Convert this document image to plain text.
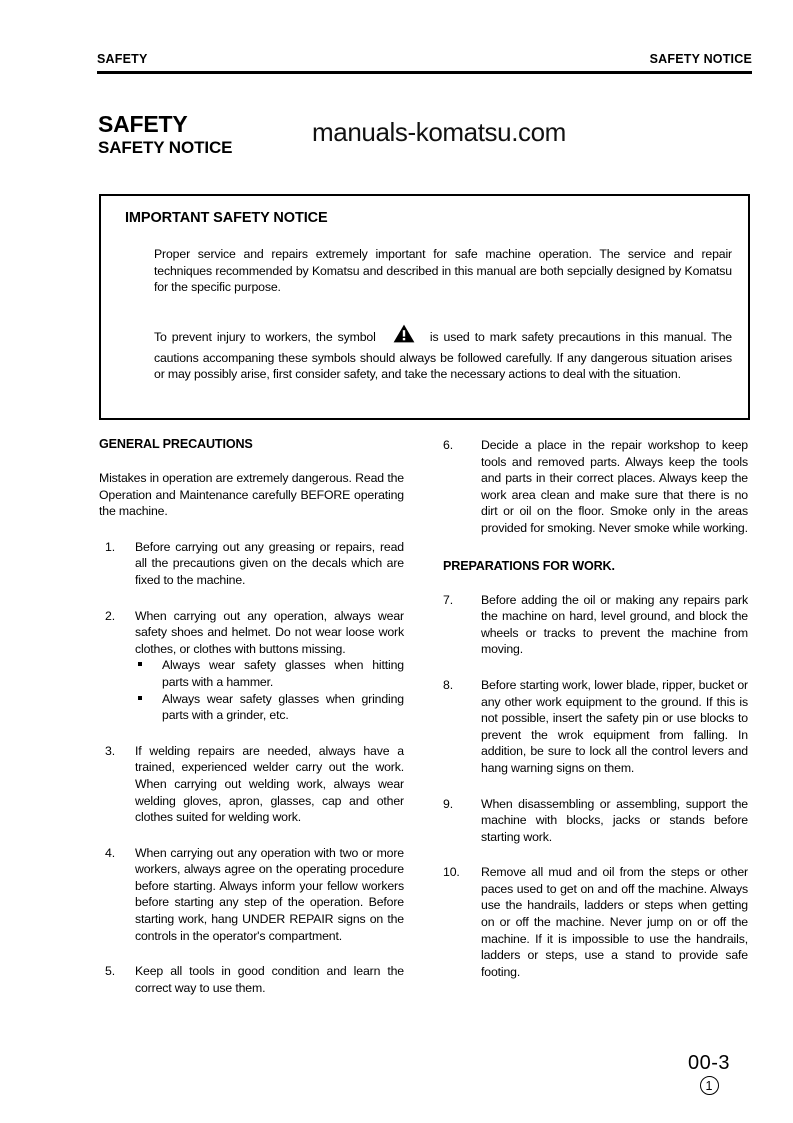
SAFETY	SAFETY NOTICE
SAFETY
SAFETY NOTICE
manuals-komatsu.com
IMPORTANT SAFETY NOTICE
Proper service and repairs extremely important for safe machine operation. The service and repair techniques recommended by Komatsu and described in this manual are both sepcially designed by Komatsu for the specific purpose.
To prevent injury to workers, the symbol	is used to mark safety precautions in this manual. The cautions accompaning these symbols should always be followed carefully. If any dangerous situation arises or may possibly arise, first consider safety, and take the necessary actions to deal with the situation.
GENERAL PRECAUTIONS

Mistakes in operation are extremely dangerous. Read the Operation and Maintenance carefully BEFORE operating the machine.

1.	Before carrying out any greasing or repairs, read all the precautions given on the decals which are fixed to the machine.

2.	When carrying out any operation, always wear safety shoes and helmet. Do not wear loose work clothes, or clothes with buttons missing.

Always wear safety glasses when hitting parts with a hammer.
Always wear safety glasses when grinding parts with a grinder, etc.
3.	If welding repairs are needed, always have a trained, experienced welder carry out the work. When carrying out welding work, always wear welding gloves, apron, glasses, cap and other clothes suited for welding work.

4.	When carrying out any operation with two or more workers, always agree on the operating procedure before starting. Always inform your fellow workers before starting any step of the operation. Before starting work, hang UNDER REPAIR signs on the controls in the operator's compartment.

5.	Keep all tools in good condition and learn the correct way to use them.

6.	Decide a place in the repair workshop to keep tools and removed parts. Always keep the tools and parts in their correct places. Always keep the work area clean and make sure that there is no dirt or oil on the floor. Smoke only in the areas provided for smoking. Never smoke while working.

PREPARATIONS FOR WORK.
7.	Before adding the oil or making any repairs park the machine on hard, level ground, and block the wheels or tracks to prevent the machine from moving.

8.	Before starting work, lower blade, ripper, bucket or any other work equipment to the ground. If this is not possible, insert the safety pin or use blocks to prevent the wrok equipment from falling. In addition, be sure to lock all the control levers and hang warning signs on them.

9.	When disassembling or assembling, support the machine with blocks, jacks or stands before starting work.

10.	Remove all mud and oil from the steps or other paces used to get on and off the machine. Always use the handrails, ladders or steps when getting on or off the machine. Never jump on or off the machine. If it is impossible to use the handrails, ladders or steps, use a stand to provide safe footing.

00-3
1
